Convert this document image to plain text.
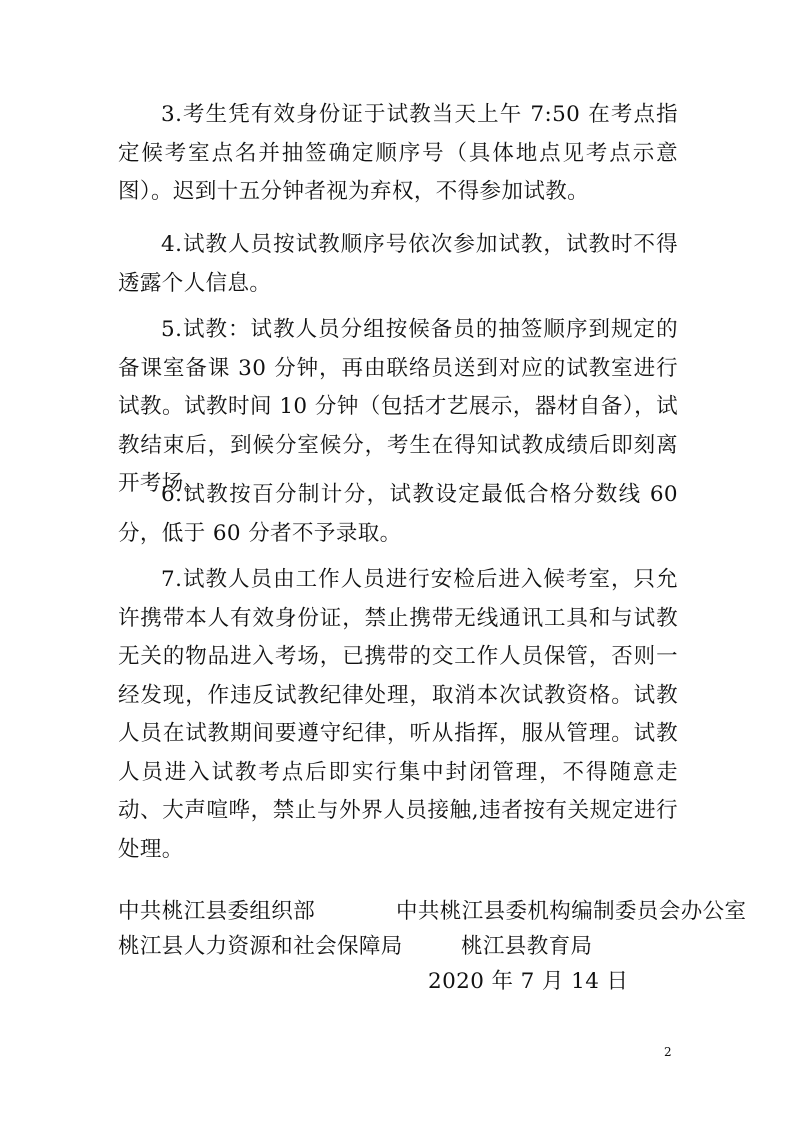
3.考生凭有效身份证于试教当天上午 7:50 在考点指定候考室点名并抽签确定顺序号（具体地点见考点示意图）。迟到十五分钟者视为弃权，不得参加试教。

4.试教人员按试教顺序号依次参加试教，试教时不得透露个人信息。

5.试教：试教人员分组按候备员的抽签顺序到规定的备课室备课 30 分钟，再由联络员送到对应的试教室进行试教。试教时间 10 分钟（包括才艺展示，器材自备），试教结束后，到候分室候分，考生在得知试教成绩后即刻离开考场。

6.试教按百分制计分，试教设定最低合格分数线 60 分，低于 60 分者不予录取。

7.试教人员由工作人员进行安检后进入候考室，只允许携带本人有效身份证，禁止携带无线通讯工具和与试教无关的物品进入考场，已携带的交工作人员保管，否则一经发现，作违反试教纪律处理，取消本次试教资格。试教人员在试教期间要遵守纪律，听从指挥，服从管理。试教人员进入试教考点后即实行集中封闭管理，不得随意走动、大声喧哗，禁止与外界人员接触,违者按有关规定进行处理。

中共桃江县委组织部	中共桃江县委机构编制委员会办公室

桃江县人力资源和社会保障局	桃江县教育局

2020 年 7 月 14 日

2
